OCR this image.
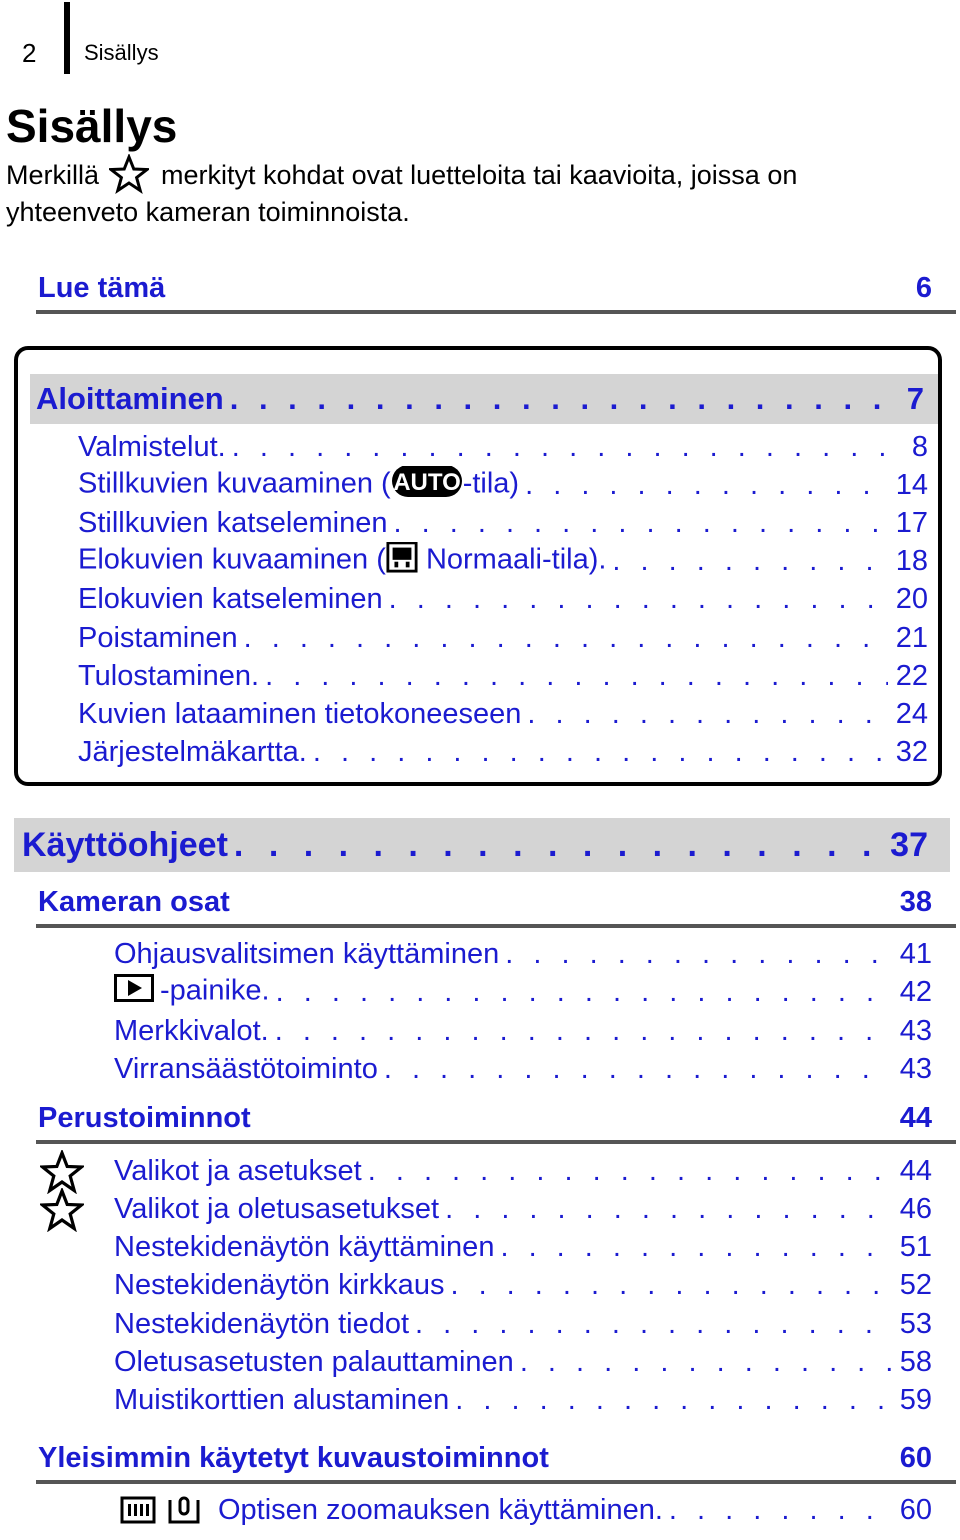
2 Sisällys
Sisällys
Merkillä merkityt kohdat ovat luetteloita tai kaavioita, joissa on yhteenveto kameran toiminnoista.
Lue tämä	6
Aloittaminen . . .	7
Valmistelut. . . .	8
Stillkuvien kuvaaminen ( AUTO -tila) . . .	14
Stillkuvien katseleminen . . .	17
Elokuvien kuvaaminen ( Normaali-tila). . . .	18
Elokuvien katseleminen . . .	20
Poistaminen . . .	21
Tulostaminen. . . .	22
Kuvien lataaminen tietokoneeseen . . .	24
Järjestelmäkartta. . . .	32
Käyttöohjeet . . .	37
Kameran osat	38
Ohjausvalitsimen käyttäminen . . .	41
-painike. . . .	42
Merkkivalot. . . .	43
Virransäästötoiminto . . .	43
Perustoiminnot	44
Valikot ja asetukset . . .	44
Valikot ja oletusasetukset . . .	46
Nestekidenäytön käyttäminen . . .	51
Nestekidenäytön kirkkaus . . .	52
Nestekidenäytön tiedot . . .	53
Oletusasetusten palauttaminen . . .	58
Muistikorttien alustaminen . . .	59
Yleisimmin käytetyt kuvaustoiminnot	60
Optisen zoomauksen käyttäminen. . . .	60
